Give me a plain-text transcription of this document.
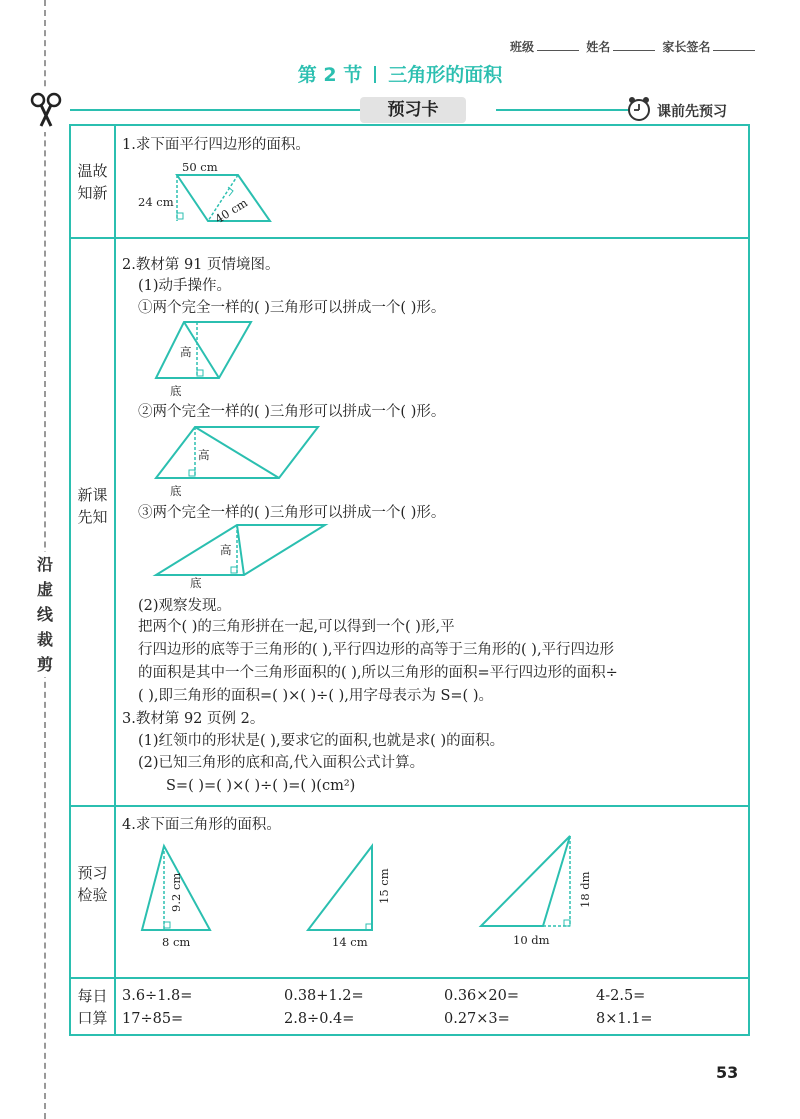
沿
虚
线
裁
剪
班级	姓名	家长签名
第 2 节 三角形的面积
预习卡	课前先预习
温故
知新
新课
先知
预习
检验
每日
口算
1.求下面平行四边形的面积。
50 cm
24 cm	40 cm
2.教材第 91 页情境图。
(1)动手操作。
①两个完全一样的( )三角形可以拼成一个( )形。
高
底
②两个完全一样的( )三角形可以拼成一个( )形。
高
底
③两个完全一样的( )三角形可以拼成一个( )形。
高
底
(2)观察发现。
把两个( )的三角形拼在一起,可以得到一个( )形,平
行四边形的底等于三角形的( ),平行四边形的高等于三角形的( ),平行四边形
的面积是其中一个三角形面积的( ),所以三角形的面积=平行四边形的面积÷
( ),即三角形的面积=( )×( )÷( ),用字母表示为 S=( )。
3.教材第 92 页例 2。
(1)红领巾的形状是( ),要求它的面积,也就是求( )的面积。
(2)已知三角形的底和高,代入面积公式计算。
S=( )=( )×( )÷( )=( )(cm²)
4.求下面三角形的面积。
9.2 cm
8 cm
15 cm
14 cm
18 dm
10 dm
3.6÷1.8=	0.38+1.2=	0.36×20=	4-2.5=
17÷85=	2.8÷0.4=	0.27×3=	8×1.1=
53
